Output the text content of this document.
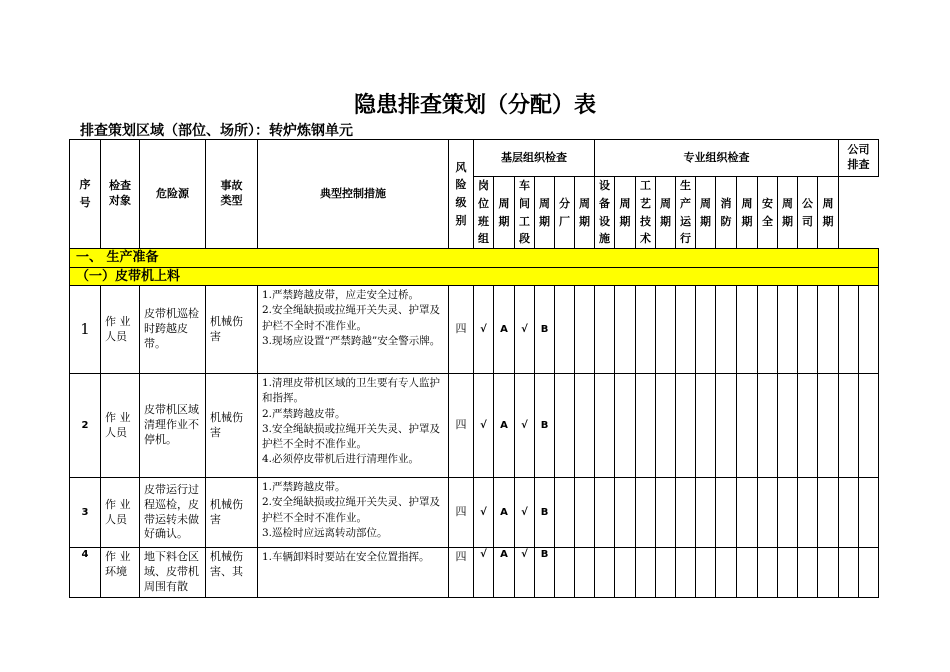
隐患排查策划（分配）表
排查策划区域（部位、场所）：转炉炼钢单元
序号	检查对象	危险源	事故类型	典型控制措施	风险级别	基层组织检查						专业组织检查												公司排查	

						岗位班组	周期	车间工段	周期	分厂	周期	设备设施	周期	工艺技术	周期	生产运行	周期	消防	周期	安全	周期	公司	周期		

一、 生产准备																									
（一）皮带机上料																									
1	作 业人员	皮带机巡检时跨越皮带。	机械伤害	1.严禁跨越皮带，应走安全过桥。
2.安全绳缺损或拉绳开关失灵、护罩及护栏不全时不准作业。
3.现场应设置“严禁跨越”安全警示牌。	四	√	A	√	B																
2	作 业人员	皮带机区域清理作业不停机。	机械伤害	1.清理皮带机区域的卫生要有专人监护和指挥。
2.严禁跨越皮带。
3.安全绳缺损或拉绳开关失灵、护罩及护栏不全时不准作业。
4.必须停皮带机后进行清理作业。	四	√	A	√	B																
3	作 业人员	皮带运行过程巡检，皮带运转未做好确认。	机械伤害	1.严禁跨越皮带。
2.安全绳缺损或拉绳开关失灵、护罩及护栏不全时不准作业。
3.巡检时应远离转动部位。	四	√	A	√	B																
4	作 业环境	地下料仓区域、皮带机周围有散	机械伤害、其	1.车辆卸料时要站在安全位置指挥。	四	√	A	√	B																
